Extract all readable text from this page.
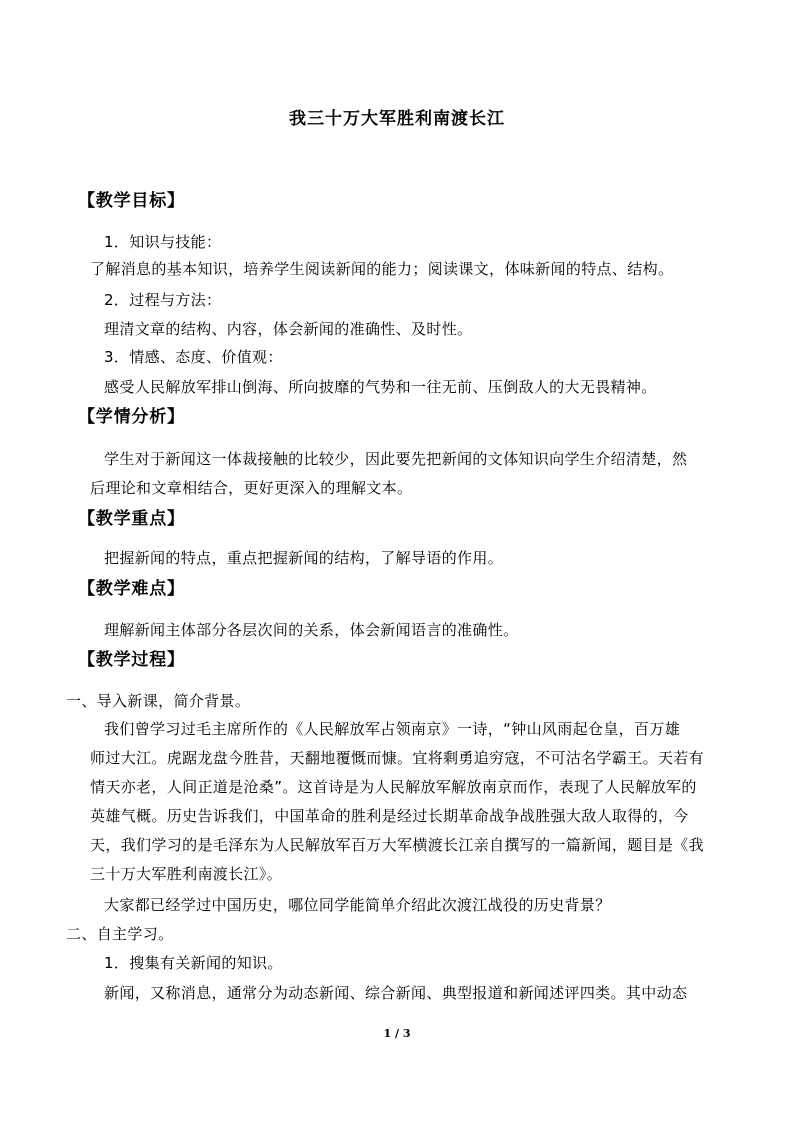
我三十万大军胜利南渡长江
【教学目标】
1．知识与技能：
了解消息的基本知识，培养学生阅读新闻的能力；阅读课文，体味新闻的特点、结构。
2．过程与方法：
理清文章的结构、内容，体会新闻的准确性、及时性。
3．情感、态度、价值观：
感受人民解放军排山倒海、所向披靡的气势和一往无前、压倒敌人的大无畏精神。
【学情分析】
学生对于新闻这一体裁接触的比较少，因此要先把新闻的文体知识向学生介绍清楚，然
后理论和文章相结合，更好更深入的理解文本。
【教学重点】
把握新闻的特点，重点把握新闻的结构，了解导语的作用。
【教学难点】
理解新闻主体部分各层次间的关系，体会新闻语言的准确性。
【教学过程】
一、导入新课，简介背景。
我们曾学习过毛主席所作的《人民解放军占领南京》一诗，“钟山风雨起仓皇，百万雄
师过大江。虎踞龙盘今胜昔，天翻地覆慨而慷。宜将剩勇追穷寇，不可沽名学霸王。天若有
情天亦老，人间正道是沧桑”。这首诗是为人民解放军解放南京而作，表现了人民解放军的
英雄气概。历史告诉我们，中国革命的胜利是经过长期革命战争战胜强大敌人取得的，今
天，我们学习的是毛泽东为人民解放军百万大军横渡长江亲自撰写的一篇新闻，题目是《我
三十万大军胜利南渡长江》。
大家都已经学过中国历史，哪位同学能简单介绍此次渡江战役的历史背景？
二、自主学习。
1．搜集有关新闻的知识。
新闻，又称消息，通常分为动态新闻、综合新闻、典型报道和新闻述评四类。其中动态
1 / 3
